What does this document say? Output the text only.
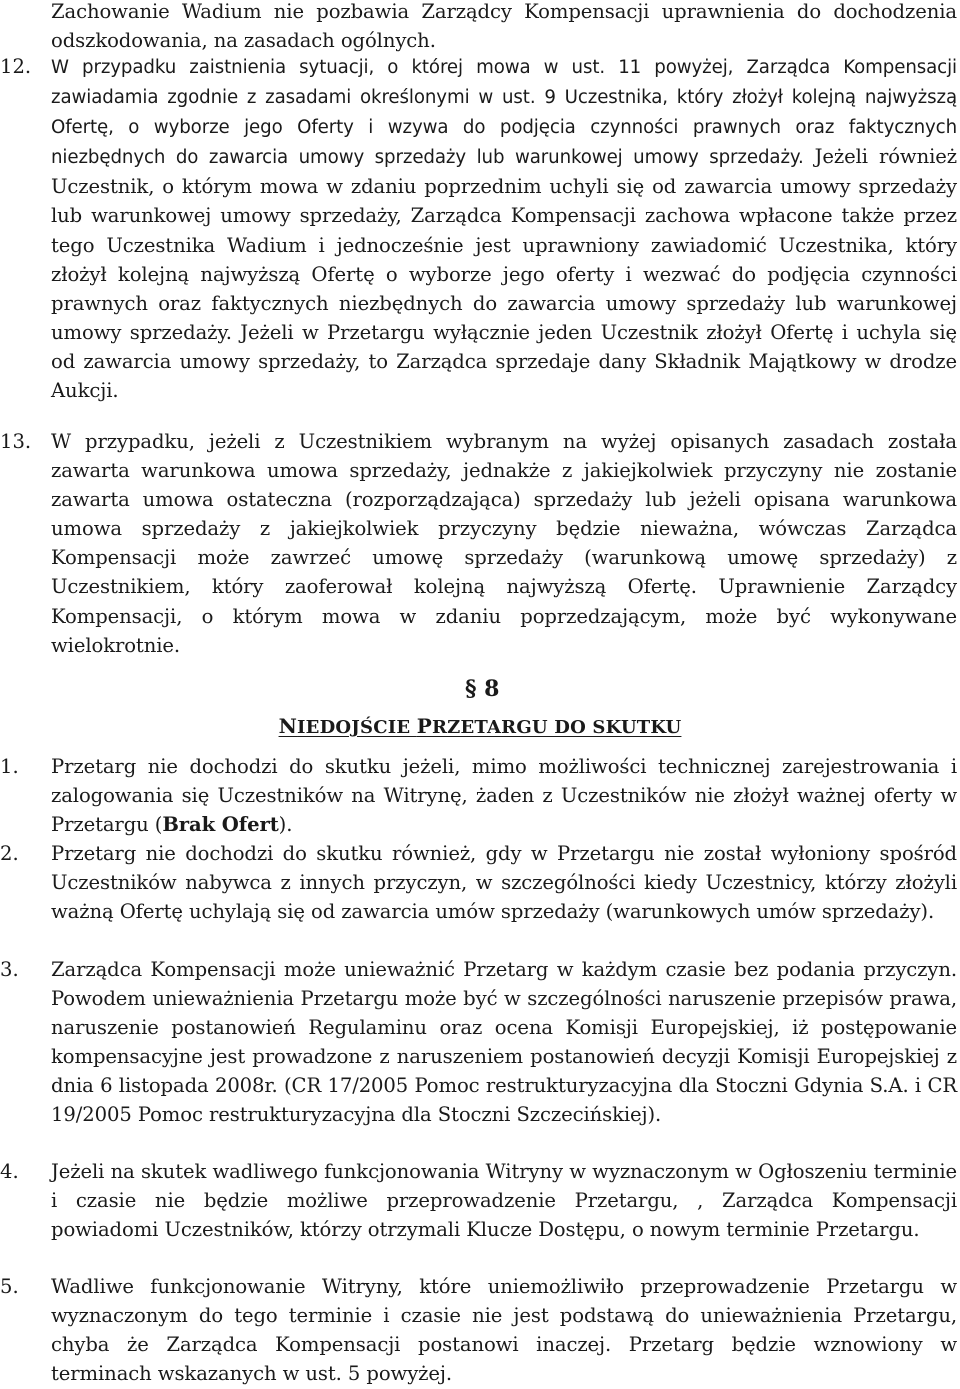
Zachowanie Wadium nie pozbawia Zarządcy Kompensacji uprawnienia do dochodzenia odszkodowania, na zasadach ogólnych.
12. W przypadku zaistnienia sytuacji, o której mowa w ust. 11 powyżej, Zarządca Kompensacji zawiadamia zgodnie z zasadami określonymi w ust. 9 Uczestnika, który złożył kolejną najwyższą Ofertę, o wyborze jego Oferty i wzywa do podjęcia czynności prawnych oraz faktycznych niezbędnych do zawarcia umowy sprzedaży lub warunkowej umowy sprzedaży. Jeżeli również Uczestnik, o którym mowa w zdaniu poprzednim uchyli się od zawarcia umowy sprzedaży lub warunkowej umowy sprzedaży, Zarządca Kompensacji zachowa wpłacone także przez tego Uczestnika Wadium i jednocześnie jest uprawniony zawiadomić Uczestnika, który złożył kolejną najwyższą Ofertę o wyborze jego oferty i wezwać do podjęcia czynności prawnych oraz faktycznych niezbędnych do zawarcia umowy sprzedaży lub warunkowej umowy sprzedaży. Jeżeli w Przetargu wyłącznie jeden Uczestnik złożył Ofertę i uchyla się od zawarcia umowy sprzedaży, to Zarządca sprzedaje dany Składnik Majątkowy w drodze Aukcji.
13. W przypadku, jeżeli z Uczestnikiem wybranym na wyżej opisanych zasadach została zawarta warunkowa umowa sprzedaży, jednakże z jakiejkolwiek przyczyny nie zostanie zawarta umowa ostateczna (rozporządzająca) sprzedaży lub jeżeli opisana warunkowa umowa sprzedaży z jakiejkolwiek przyczyny będzie nieważna, wówczas Zarządca Kompensacji może zawrzeć umowę sprzedaży (warunkową umowę sprzedaży) z Uczestnikiem, który zaoferował kolejną najwyższą Ofertę. Uprawnienie Zarządcy Kompensacji, o którym mowa w zdaniu poprzedzającym, może być wykonywane wielokrotnie.
§ 8
NIEDOJŚCIE PRZETARGU DO SKUTKU
1. Przetarg nie dochodzi do skutku jeżeli, mimo możliwości technicznej zarejestrowania i zalogowania się Uczestników na Witrynę, żaden z Uczestników nie złożył ważnej oferty w Przetargu (Brak Ofert).
2. Przetarg nie dochodzi do skutku również, gdy w Przetargu nie został wyłoniony spośród Uczestników nabywca z innych przyczyn, w szczególności kiedy Uczestnicy, którzy złożyli ważną Ofertę uchylają się od zawarcia umów sprzedaży (warunkowych umów sprzedaży).
3. Zarządca Kompensacji może unieważnić Przetarg w każdym czasie bez podania przyczyn. Powodem unieważnienia Przetargu może być w szczególności naruszenie przepisów prawa, naruszenie postanowień Regulaminu oraz ocena Komisji Europejskiej, iż postępowanie kompensacyjne jest prowadzone z naruszeniem postanowień decyzji Komisji Europejskiej z dnia 6 listopada 2008r. (CR 17/2005 Pomoc restrukturyzacyjna dla Stoczni Gdynia S.A. i CR 19/2005 Pomoc restrukturyzacyjna dla Stoczni Szczecińskiej).
4. Jeżeli na skutek wadliwego funkcjonowania Witryny w wyznaczonym w Ogłoszeniu terminie i czasie nie będzie możliwe przeprowadzenie Przetargu, , Zarządca Kompensacji powiadomi Uczestników, którzy otrzymali Klucze Dostępu, o nowym terminie Przetargu.
5. Wadliwe funkcjonowanie Witryny, które uniemożliwiło przeprowadzenie Przetargu w wyznaczonym do tego terminie i czasie nie jest podstawą do unieważnienia Przetargu, chyba że Zarządca Kompensacji postanowi inaczej. Przetarg będzie wznowiony w terminach wskazanych w ust. 5 powyżej.
